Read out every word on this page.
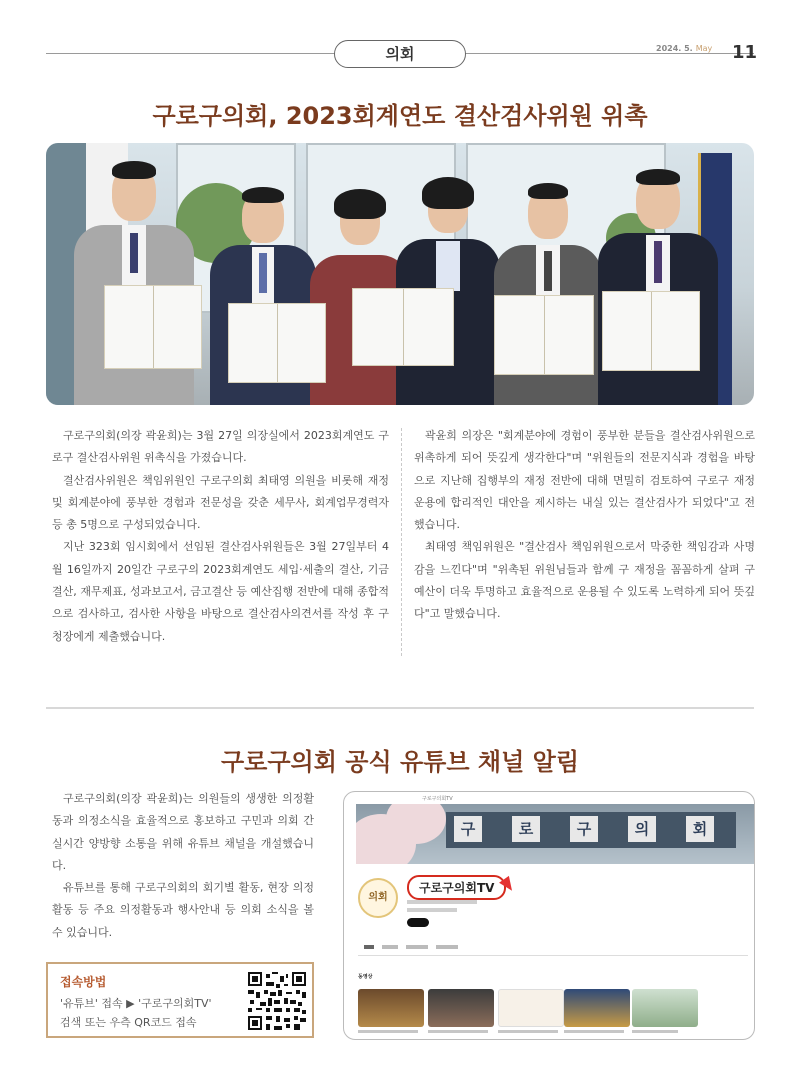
의회	2024. 5. May 11
구로구의회, 2023회계연도 결산검사위원 위촉

구로구의회(의장 곽윤희)는 3월 27일 의장실에서 2023회계연도 구로구 결산검사위원 위촉식을 가졌습니다.

결산검사위원은 책임위원인 구로구의회 최태영 의원을 비롯해 재정 및 회계분야에 풍부한 경험과 전문성을 갖춘 세무사, 회계업무경력자 등 총 5명으로 구성되었습니다.

지난 323회 임시회에서 선임된 결산검사위원들은 3월 27일부터 4월 16일까지 20일간 구로구의 2023회계연도 세입·세출의 결산, 기금결산, 재무제표, 성과보고서, 금고결산 등 예산집행 전반에 대해 종합적으로 검사하고, 검사한 사항을 바탕으로 결산검사의견서를 작성 후 구청장에게 제출했습니다.

곽윤희 의장은 "회계분야에 경험이 풍부한 분들을 결산검사위원으로 위촉하게 되어 뜻깊게 생각한다"며 "위원들의 전문지식과 경험을 바탕으로 지난해 집행부의 재정 전반에 대해 면밀히 검토하여 구로구 재정 운용에 합리적인 대안을 제시하는 내실 있는 결산검사가 되었다"고 전했습니다.

최태영 책임위원은 "결산검사 책임위원으로서 막중한 책임감과 사명감을 느낀다"며 "위촉된 위원님들과 함께 구 재정을 꼼꼼하게 살펴 구 예산이 더욱 투명하고 효율적으로 운용될 수 있도록 노력하게 되어 뜻깊다"고 말했습니다.

구로구의회 공식 유튜브 채널 알림

구로구의회(의장 곽윤희)는 의원들의 생생한 의정활동과 의정소식을 효율적으로 홍보하고 구민과 의회 간 실시간 양방향 소통을 위해 유튜브 채널을 개설했습니다.

유튜브를 통해 구로구의회의 회기별 활동, 현장 의정활동 등 주요 의정활동과 행사안내 등 의회 소식을 볼 수 있습니다.

접속방법
'유튜브' 접속 ▶ '구로구의회TV'
검색 또는 우측 QR코드 접속
구로구의회TV
구	로	구	의	회
의회
구로구의회TV
동영상
